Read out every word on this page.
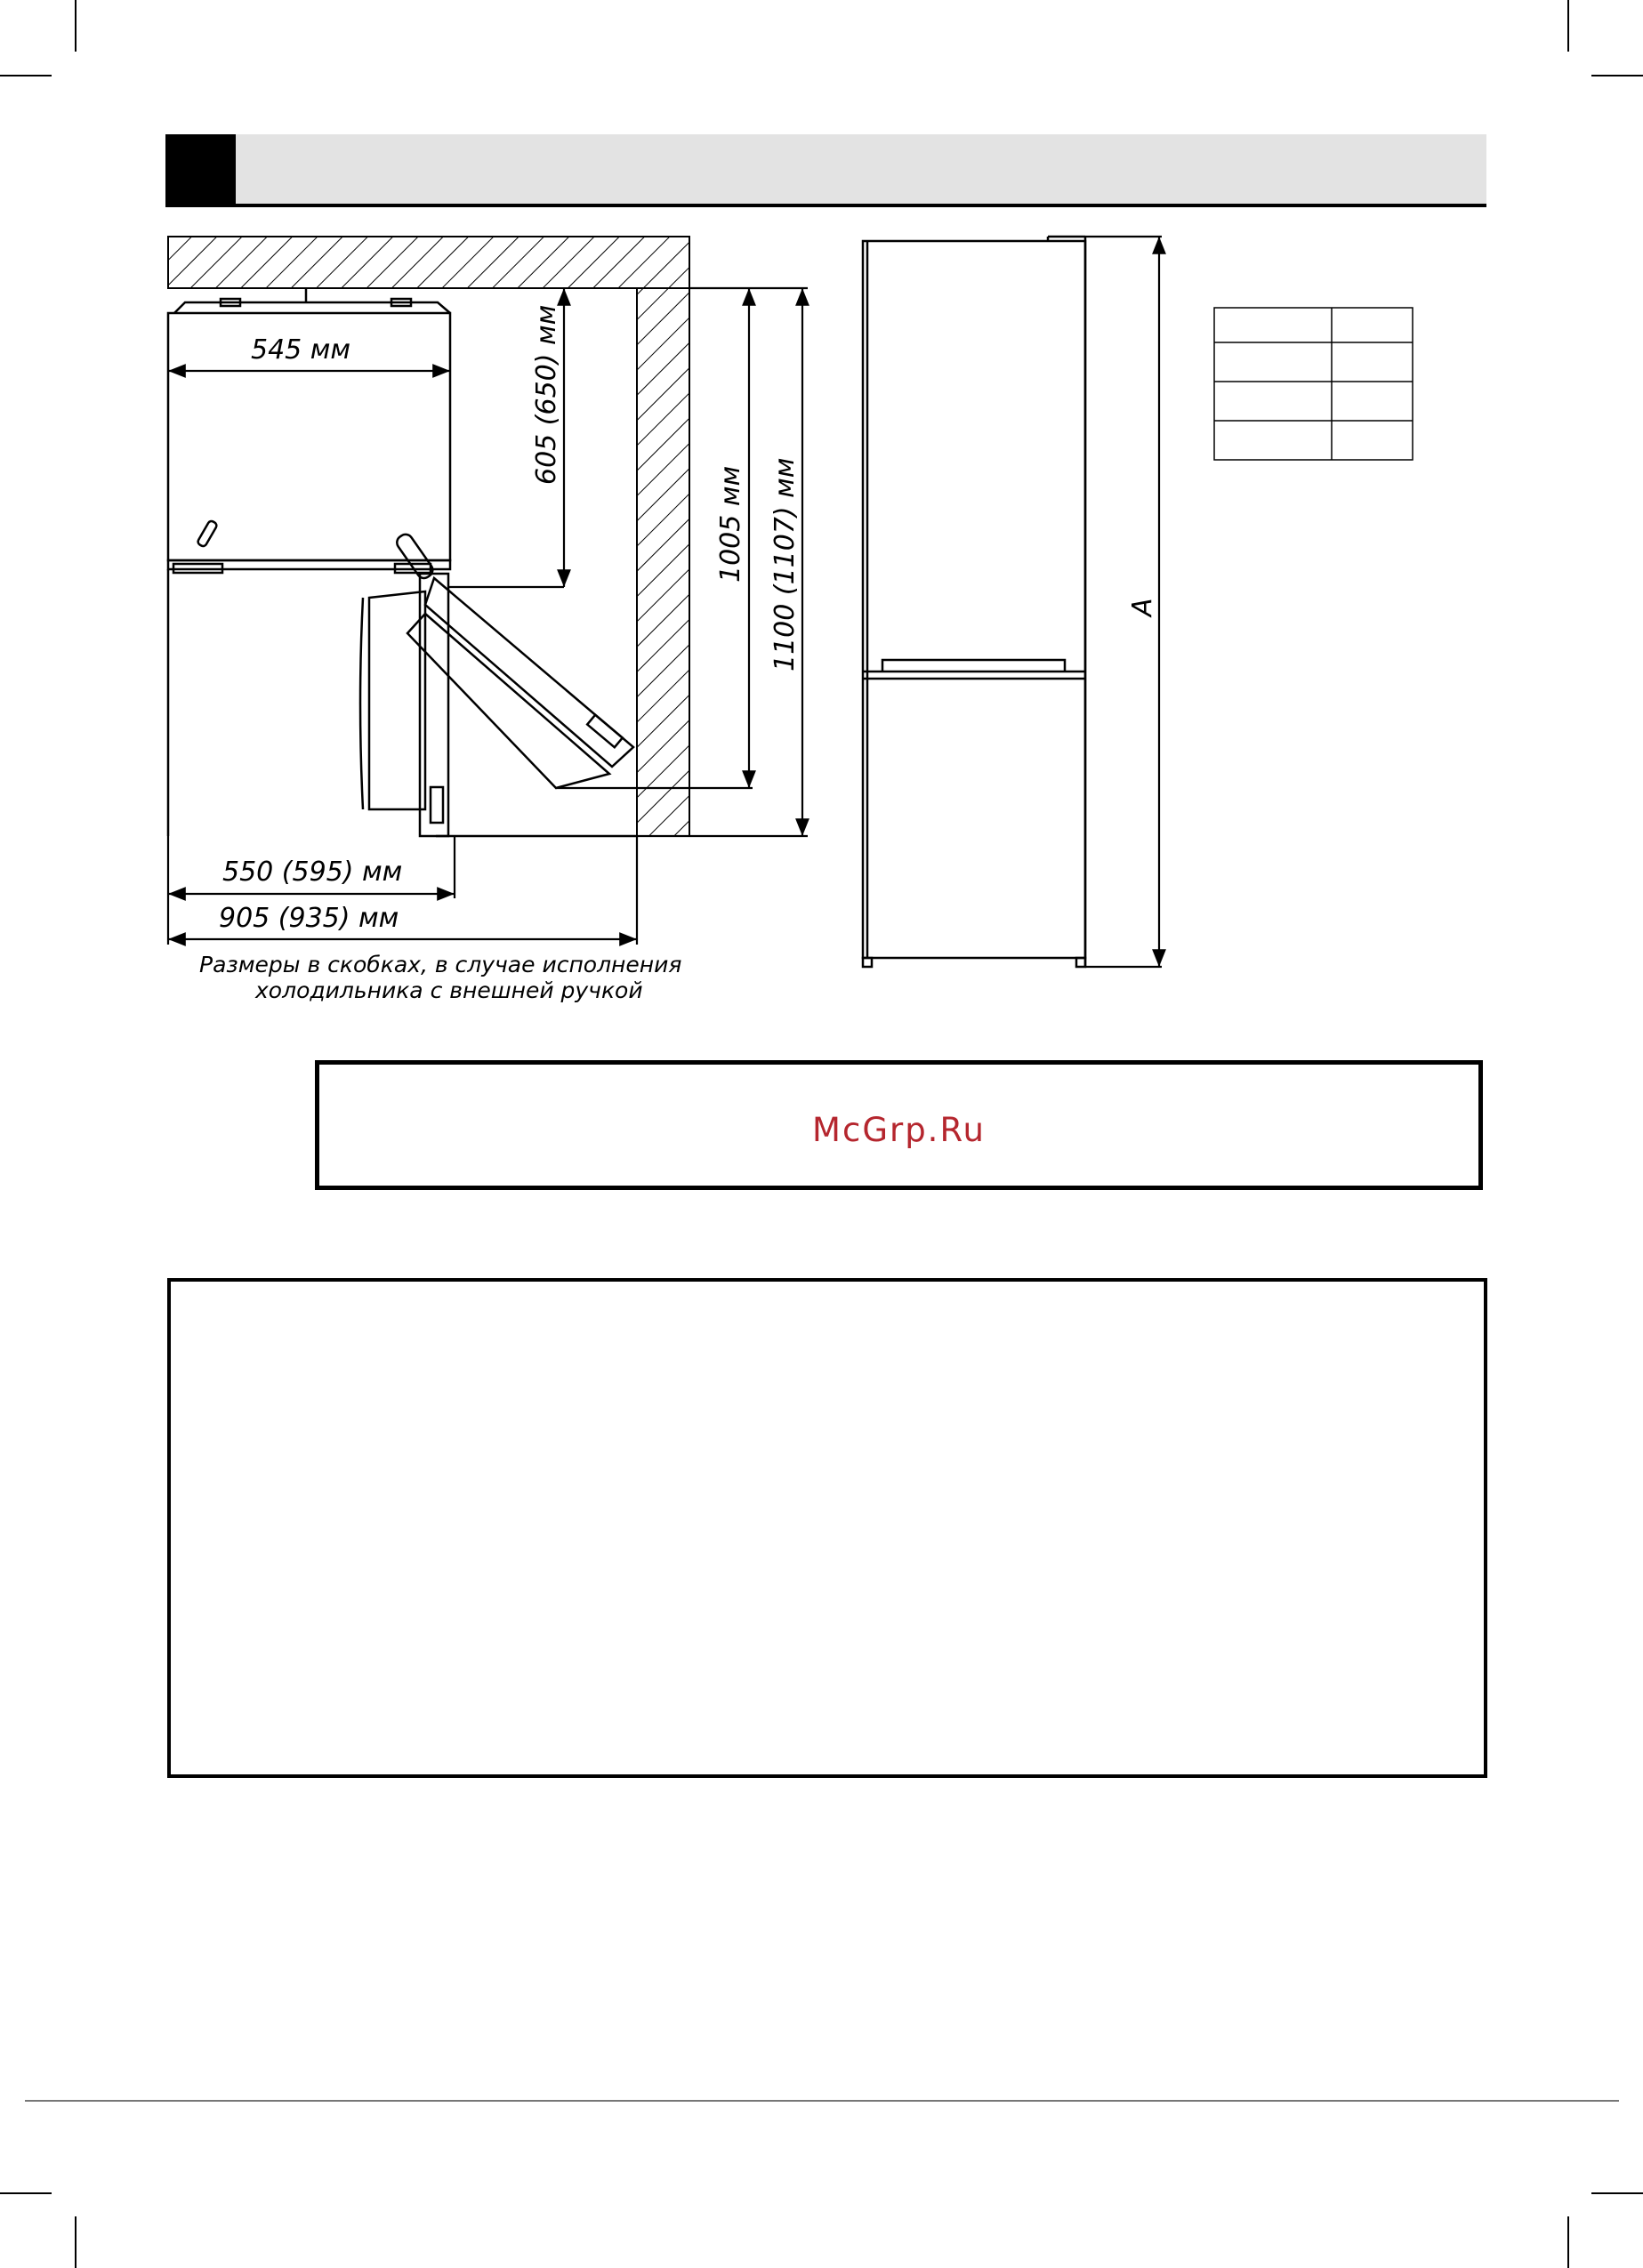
545 мм	605 (650) мм
1005 мм 1100 (1107) мм
550 (595) мм
905 (935) мм
Размеры в скобках, в случае исполнения
холодильника с внешней ручкой
A
McGrp.Ru
